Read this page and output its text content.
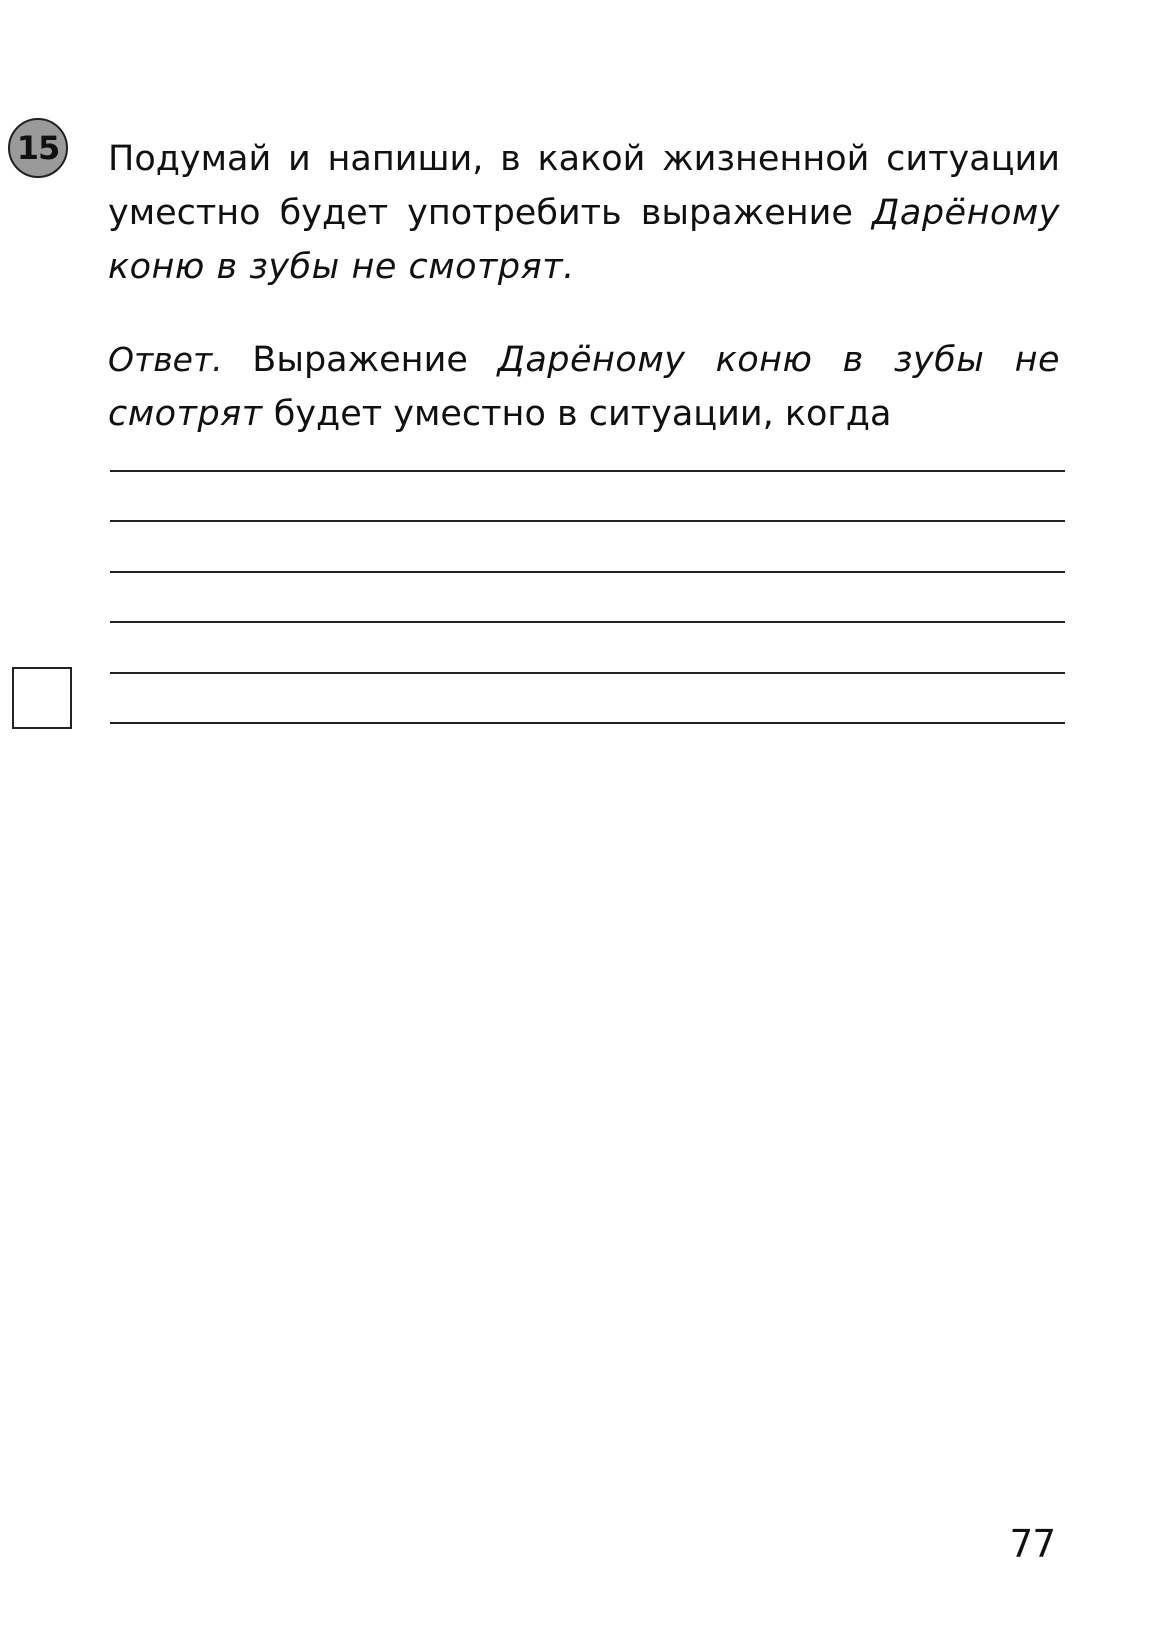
15 Подумай и напиши, в какой жизненной ситуации уместно будет употребить выражение Дарёному коню в зубы не смотрят.
Ответ. Выражение Дарёному коню в зубы не смотрят будет уместно в ситуации, когда
77
